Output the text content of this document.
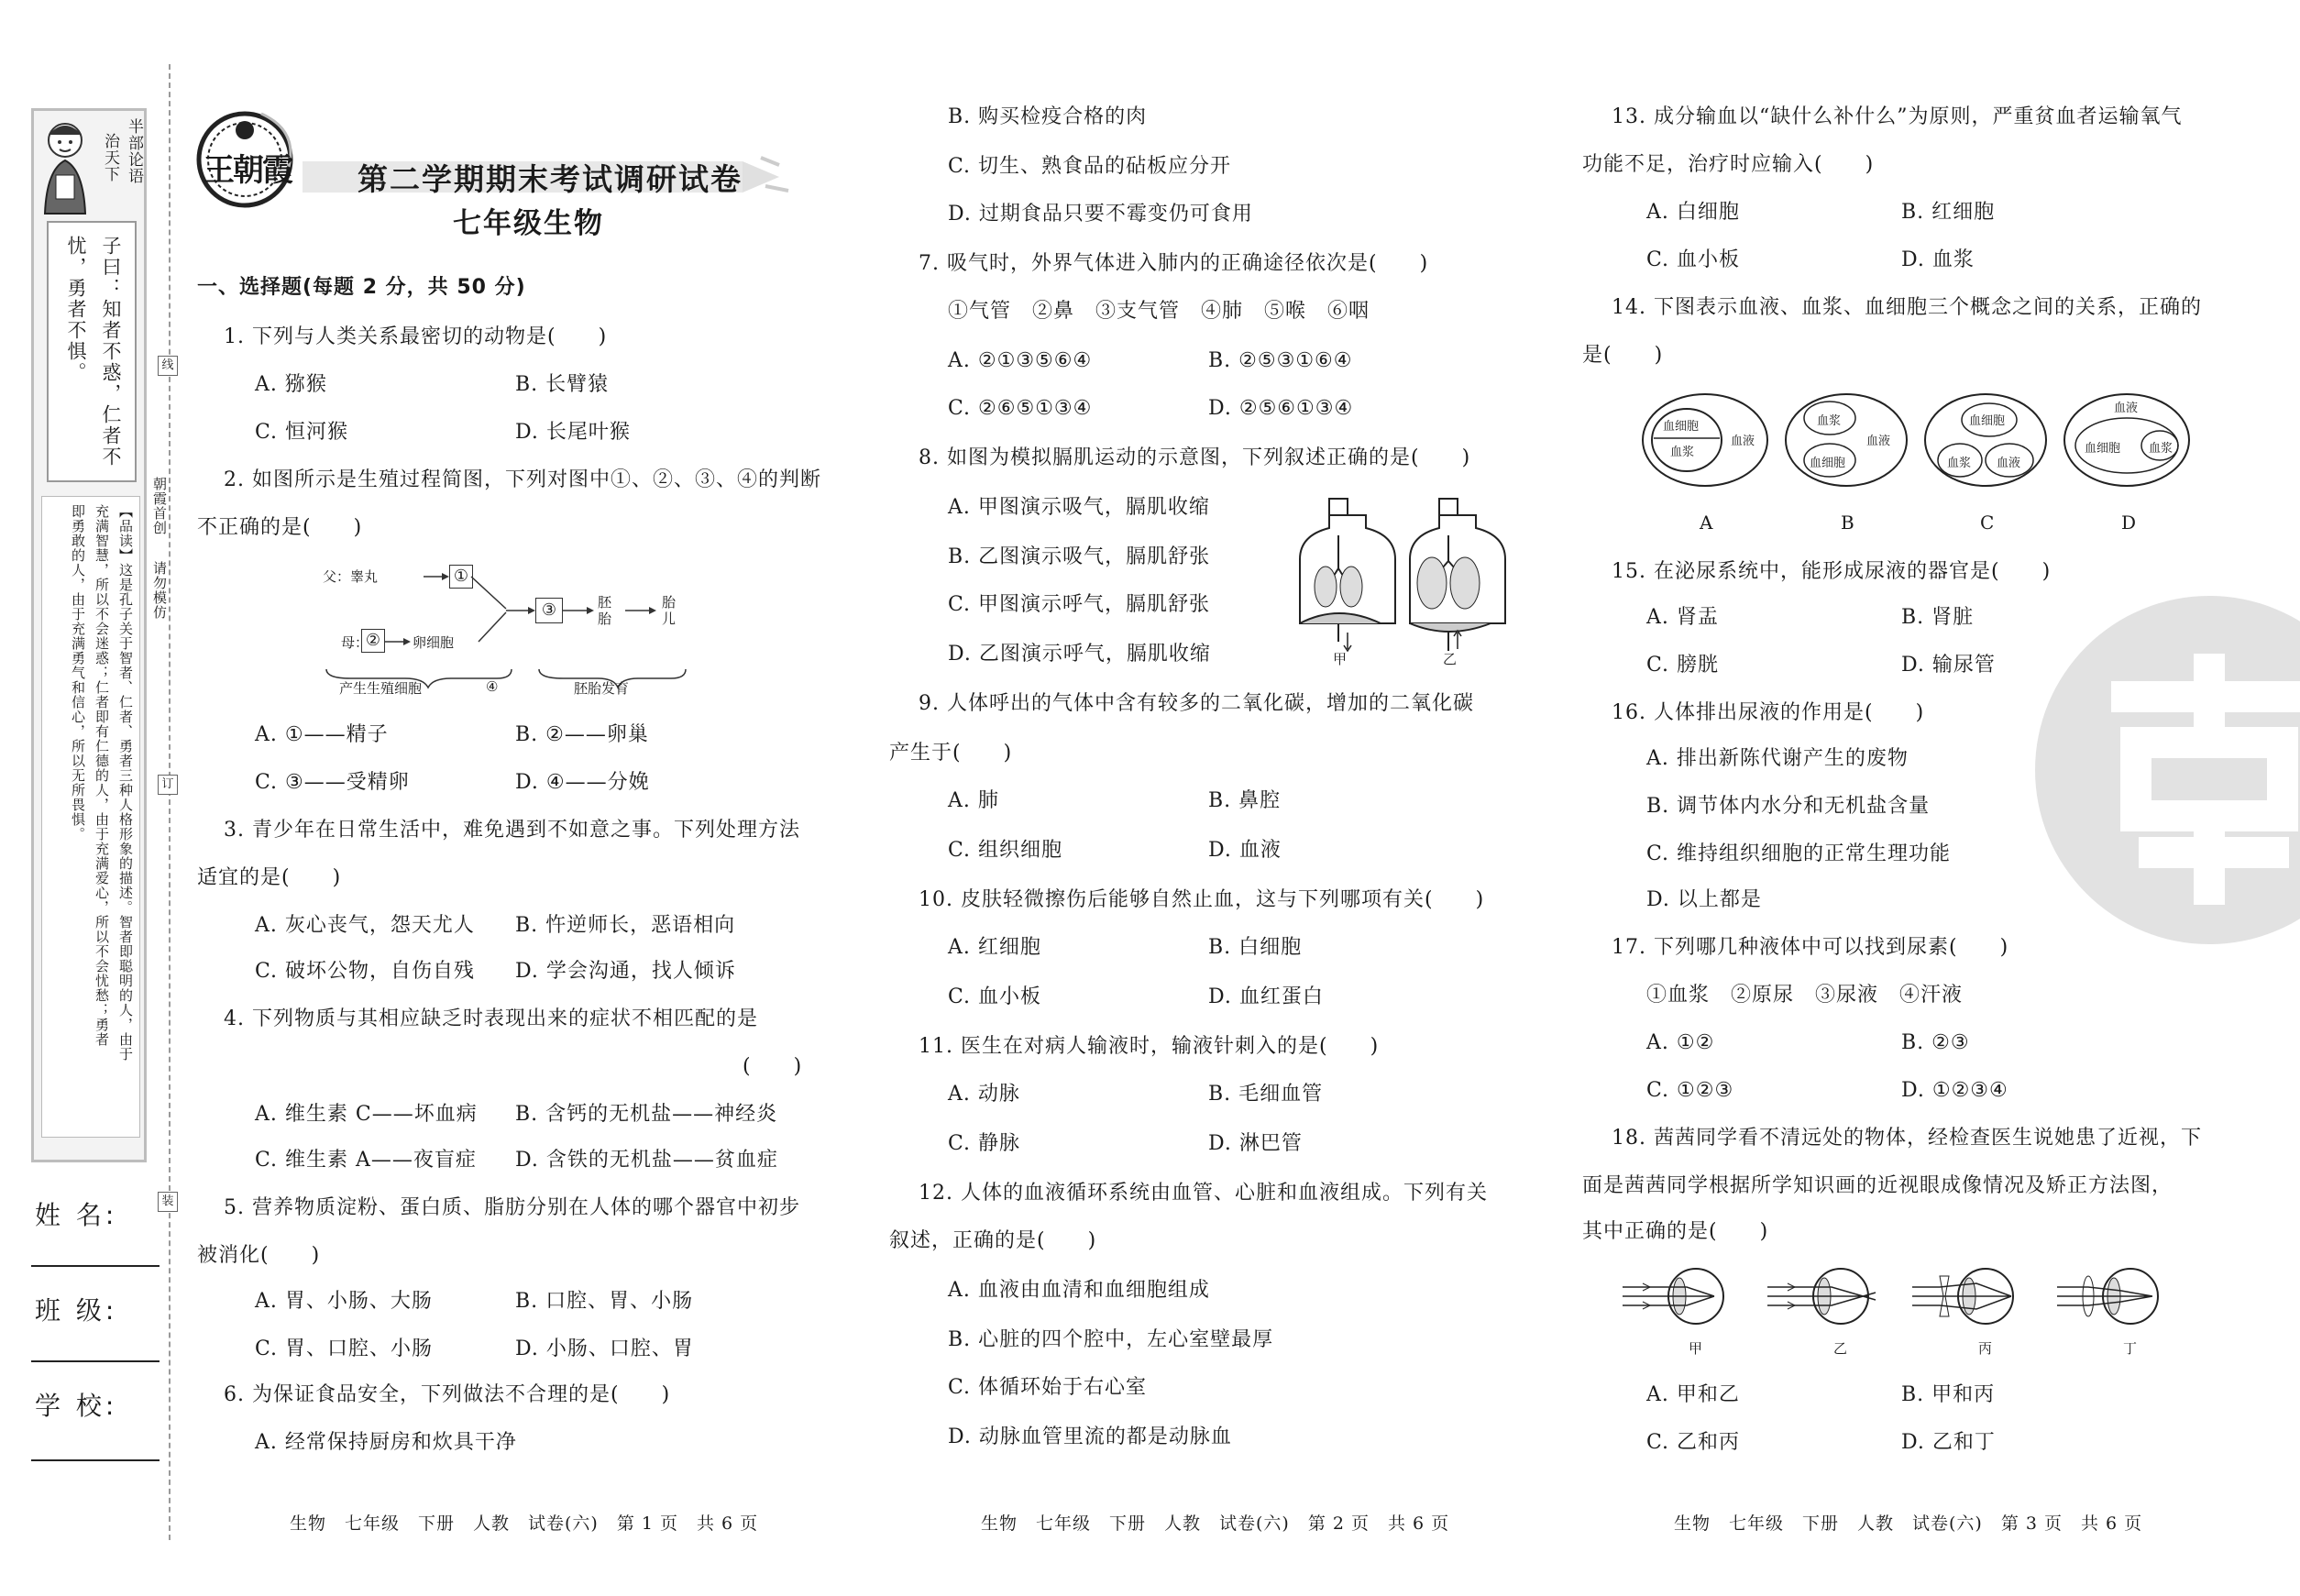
半部论语
治天下
子曰：知者不惑，仁者不
忧，勇者不惧。
【品读】这是孔子关于智者、仁者、勇者三种人格形象的描述。智者即聪明的人，由于
充满智慧，所以不会迷惑；仁者即有仁德的人，由于充满爱心，所以不会忧愁；勇者
即勇敢的人，由于充满勇气和信心，所以无所畏惧。
姓 名:
班 级:
学 校:
线
订
装
朝霞首创
请勿模仿
王朝霞 第二学期期末考试调研试卷
七年级生物
一、选择题(每题 2 分，共 50 分)
1. 下列与人类关系最密切的动物是(　　)
A. 猕猴	B. 长臂猿
C. 恒河猴	D. 长尾叶猴
2. 如图所示是生殖过程简图，下列对图中①、②、③、④的判断
不正确的是(　　)
父：睾丸	①
母：
②	卵细胞
③	胚胎
胎儿
产生生殖细胞	④	胚胎发育
A. ①——精子	B. ②——卵巢
C. ③——受精卵	D. ④——分娩
3. 青少年在日常生活中，难免遇到不如意之事。下列处理方法
适宜的是(　　)
A. 灰心丧气，怨天尤人 B. 忤逆师长，恶语相向
C. 破坏公物，自伤自残 D. 学会沟通，找人倾诉
4. 下列物质与其相应缺乏时表现出来的症状不相匹配的是
(　　)
A. 维生素 C——坏血病 B. 含钙的无机盐——神经炎
C. 维生素 A——夜盲症 D. 含铁的无机盐——贫血症
5. 营养物质淀粉、蛋白质、脂肪分别在人体的哪个器官中初步
被消化(　　)
A. 胃、小肠、大肠	B. 口腔、胃、小肠
C. 胃、口腔、小肠	D. 小肠、口腔、胃
6. 为保证食品安全，下列做法不合理的是(　　)
A. 经常保持厨房和炊具干净
B. 购买检疫合格的肉
C. 切生、熟食品的砧板应分开
D. 过期食品只要不霉变仍可食用
7. 吸气时，外界气体进入肺内的正确途径依次是(　　)
①气管　②鼻　③支气管　④肺　⑤喉　⑥咽
A. ②①③⑤⑥④	B. ②⑤③①⑥④
C. ②⑥⑤①③④	D. ②⑤⑥①③④
8. 如图为模拟膈肌运动的示意图，下列叙述正确的是(　　)
A. 甲图演示吸气，膈肌收缩
B. 乙图演示吸气，膈肌舒张
C. 甲图演示呼气，膈肌舒张
D. 乙图演示呼气，膈肌收缩	甲	乙
9. 人体呼出的气体中含有较多的二氧化碳，增加的二氧化碳
产生于(　　)
A. 肺	B. 鼻腔
C. 组织细胞	D. 血液
10. 皮肤轻微擦伤后能够自然止血，这与下列哪项有关(　　)
A. 红细胞	B. 白细胞
C. 血小板	D. 血红蛋白
11. 医生在对病人输液时，输液针刺入的是(　　)
A. 动脉	B. 毛细血管
C. 静脉	D. 淋巴管
12. 人体的血液循环系统由血管、心脏和血液组成。下列有关
叙述，正确的是(　　)
A. 血液由血清和血细胞组成
B. 心脏的四个腔中，左心室壁最厚
C. 体循环始于右心室
D. 动脉血管里流的都是动脉血
13. 成分输血以“缺什么补什么”为原则，严重贫血者运输氧气
功能不足，治疗时应输入(　　)
A. 白细胞	B. 红细胞
C. 血小板	D. 血浆
14. 下图表示血液、血浆、血细胞三个概念之间的关系，正确的
是(　　)
血细胞
血浆
血液
血浆
血细胞
血液
血细胞
血浆 血液
血液
血细胞 血浆
A	B	C	D
15. 在泌尿系统中，能形成尿液的器官是(　　)
A. 肾盂	B. 肾脏
C. 膀胱	D. 输尿管
16. 人体排出尿液的作用是(　　)
A. 排出新陈代谢产生的废物
B. 调节体内水分和无机盐含量
C. 维持组织细胞的正常生理功能
D. 以上都是
17. 下列哪几种液体中可以找到尿素(　　)
①血浆　②原尿　③尿液　④汗液
A. ①②	B. ②③
C. ①②③	D. ①②③④
18. 茜茜同学看不清远处的物体，经检查医生说她患了近视，下
面是茜茜同学根据所学知识画的近视眼成像情况及矫正方法图，
其中正确的是(　　)
甲	乙	丙	丁
A. 甲和乙	B. 甲和丙
C. 乙和丙	D. 乙和丁
生物　七年级　下册　人教　试卷(六)　第 1 页　共 6 页	生物　七年级　下册　人教　试卷(六)　第 2 页　共 6 页	生物　七年级　下册　人教　试卷(六)　第 3 页　共 6 页
